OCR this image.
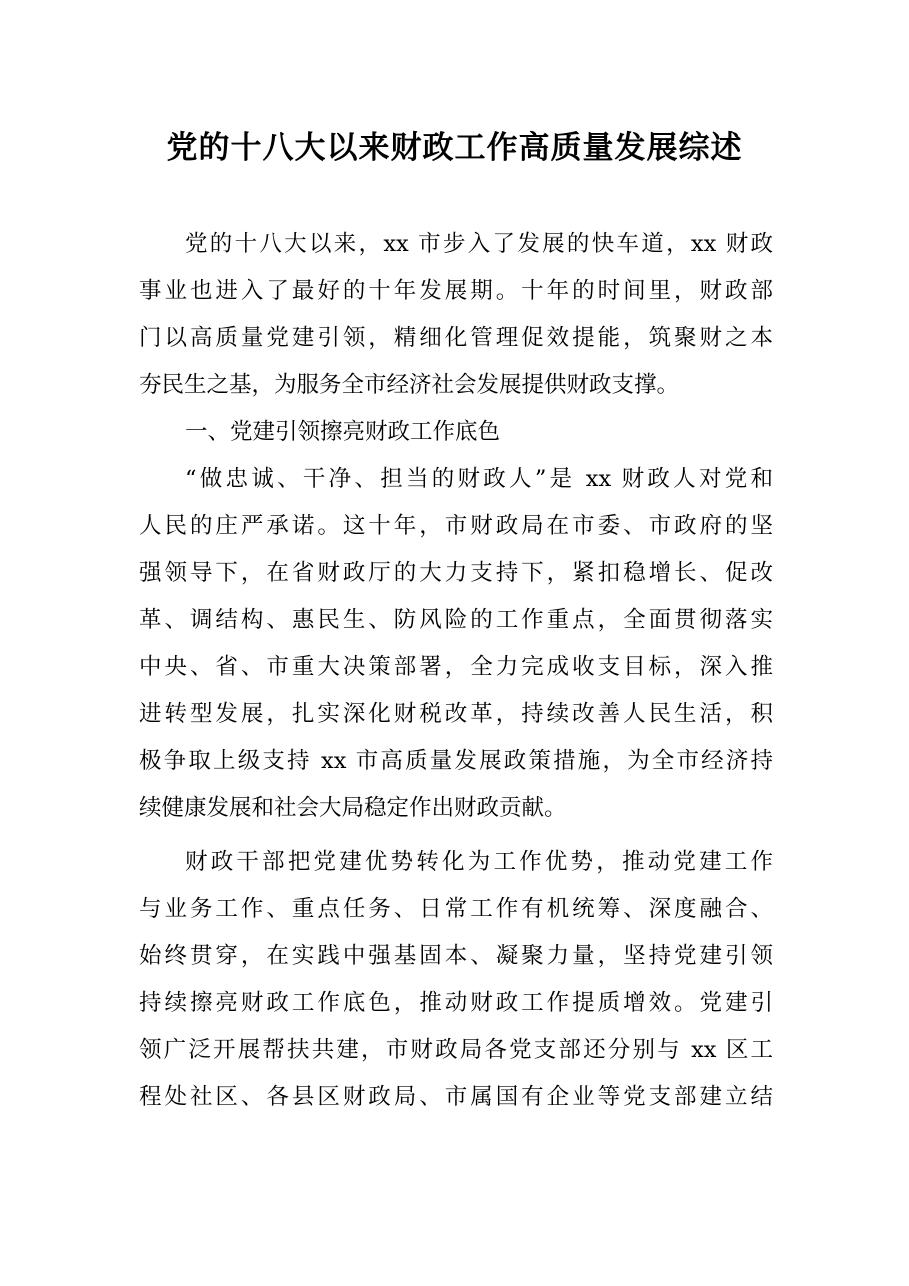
党的十八大以来财政工作高质量发展综述
党的十八大以来，xx 市步入了发展的快车道，xx 财政
事业也进入了最好的十年发展期。十年的时间里，财政部
门以高质量党建引领，精细化管理促效提能，筑聚财之本
夯民生之基，为服务全市经济社会发展提供财政支撑。
一、党建引领擦亮财政工作底色
“做忠诚、干净、担当的财政人”是 xx 财政人对党和
人民的庄严承诺。这十年，市财政局在市委、市政府的坚
强领导下，在省财政厅的大力支持下，紧扣稳增长、促改
革、调结构、惠民生、防风险的工作重点，全面贯彻落实
中央、省、市重大决策部署，全力完成收支目标，深入推
进转型发展，扎实深化财税改革，持续改善人民生活，积
极争取上级支持 xx 市高质量发展政策措施，为全市经济持
续健康发展和社会大局稳定作出财政贡献。
财政干部把党建优势转化为工作优势，推动党建工作
与业务工作、重点任务、日常工作有机统筹、深度融合、
始终贯穿，在实践中强基固本、凝聚力量，坚持党建引领
持续擦亮财政工作底色，推动财政工作提质增效。党建引
领广泛开展帮扶共建，市财政局各党支部还分别与 xx 区工
程处社区、各县区财政局、市属国有企业等党支部建立结
